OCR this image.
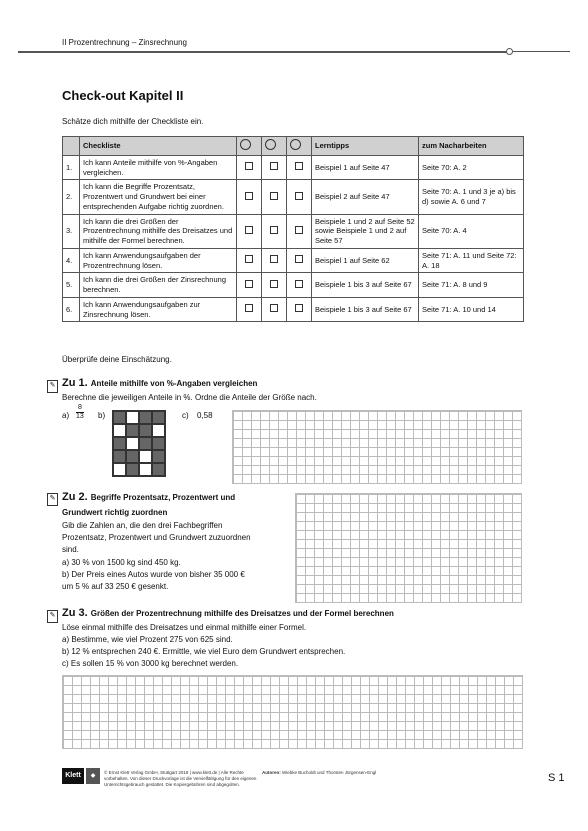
II Prozentrechnung – Zinsrechnung
Check-out Kapitel II
Schätze dich mithilfe der Checkliste ein.
	Checkliste				Lerntipps	zum Nacharbeiten
1.	Ich kann Anteile mithilfe von %-Angaben vergleichen.				Beispiel 1 auf Seite 47	Seite 70: A. 2
2.	Ich kann die Begriffe Prozentsatz, Prozentwert und Grundwert bei einer entsprechenden Aufgabe richtig zuordnen.				Beispiel 2 auf Seite 47	Seite 70: A. 1 und 3 je a) bis d) sowie A. 6 und 7
3.	Ich kann die drei Größen der Prozentrechnung mithilfe des Dreisatzes und mithilfe der Formel berechnen.				Beispiele 1 und 2 auf Seite 52 sowie Beispiele 1 und 2 auf Seite 57	Seite 70: A. 4
4.	Ich kann Anwendungsaufgaben der Prozentrechnung lösen.				Beispiel 1 auf Seite 62	Seite 71: A. 11 und Seite 72: A. 18
5.	Ich kann die drei Größen der Zinsrechnung berechnen.				Beispiele 1 bis 3 auf Seite 67	Seite 71: A. 8 und 9
6.	Ich kann Anwendungsaufgaben zur Zinsrechnung lösen.				Beispiele 1 bis 3 auf Seite 67	Seite 71: A. 10 und 14
Überprüfe deine Einschätzung.
✎ Zu 1. Anteile mithilfe von %-Angaben vergleichen
Berechne die jeweiligen Anteile in %. Ordne die Anteile der Größe nach.
$a) \frac{8}{13} b$)	c) 0,58
✎ Zu 2. Begriffe Prozentsatz, Prozentwert und
Grundwert richtig zuordnen
Gib die Zahlen an, die den drei Fachbegriffen
Prozentsatz, Prozentwert und Grundwert zuzuordnen
sind.
a) 30 % von 1500 kg sind 450 kg.
b) Der Preis eines Autos wurde von bisher 35 000 €
um 5 % auf 33 250 € gesenkt.
✎ Zu 3. Größen der Prozentrechnung mithilfe des Dreisatzes und der Formel berechnen
Löse einmal mithilfe des Dreisatzes und einmal mithilfe einer Formel.
a) Bestimme, wie viel Prozent 275 von 625 sind.
b) 12 % entsprechen 240 €. Ermittle, wie viel Euro dem Grundwert entsprechen.
c) Es sollen 15 % von 3000 kg berechnet werden.
Klett	◆
© Ernst Klett Verlag GmbH, Stuttgart 2018 | www.klett.de | Alle Rechte
vorbehalten. Von dieser Druckvorlage ist die Vervielfältigung für den eigenen
Unterrichtsgebrauch gestattet. Die Kopiergebühren sind abgegolten.
Autoren: Wiebke Bucholdt und Thorsten Jürgensen-Engl	S 1
